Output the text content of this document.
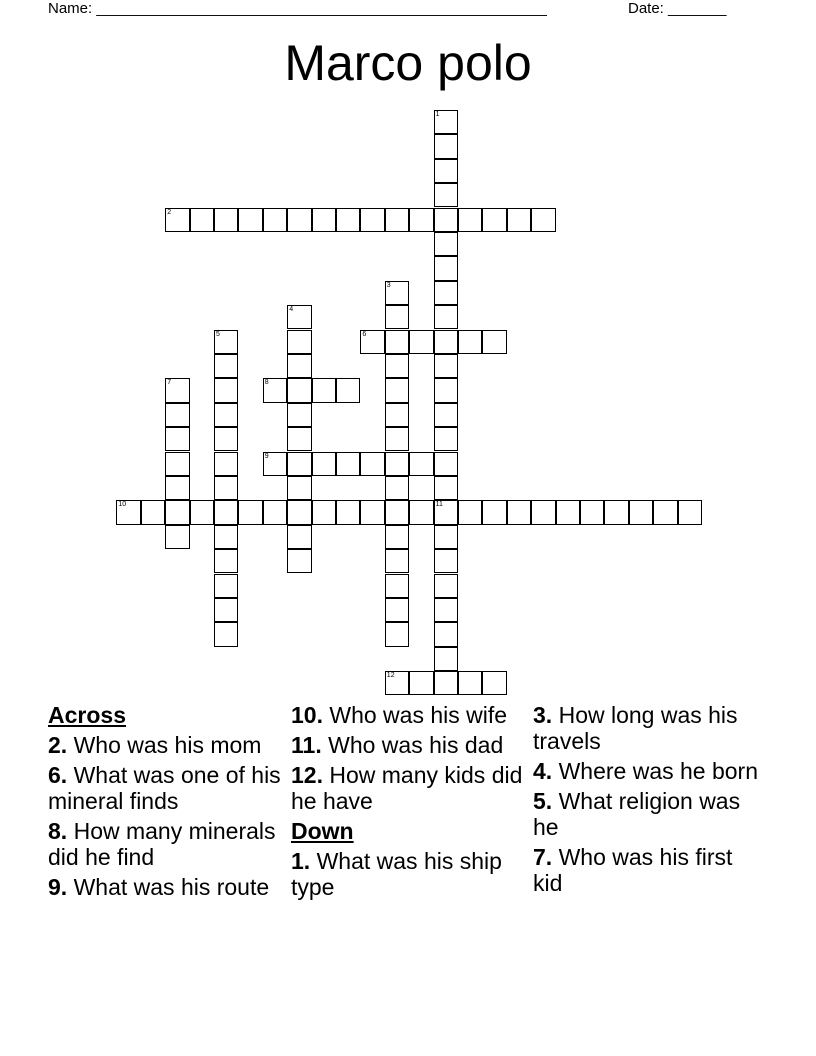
Name: ______________________________________________________	Date: _______
Marco polo
1
11
2
3
4
5	6
7	8
9
10
12
Across
2. Who was his mom
6. What was one of his mineral finds
8. How many minerals did he find
9. What was his route
10. Who was his wife
11. Who was his dad
12. How many kids did he have
Down
1. What was his ship type
3. How long was his travels
4. Where was he born
5. What religion was he
7. Who was his first kid
